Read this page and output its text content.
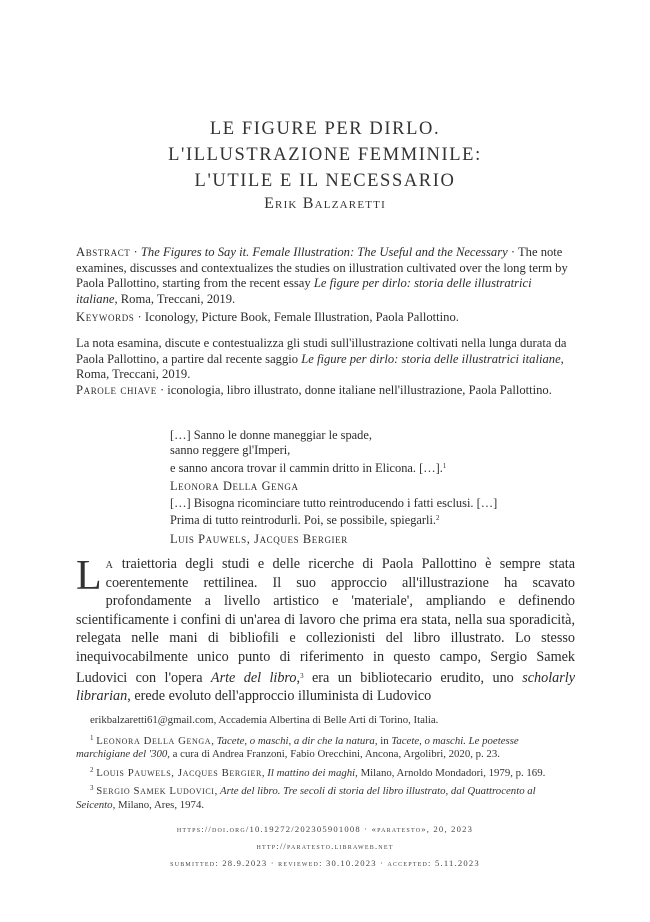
LE FIGURE PER DIRLO.
L'ILLUSTRAZIONE FEMMINILE:
L'UTILE E IL NECESSARIO
Erik Balzaretti
Abstract · The Figures to Say it. Female Illustration: The Useful and the Necessary · The note examines, discusses and contextualizes the studies on illustration cultivated over the long term by Paola Pallottino, starting from the recent essay Le figure per dirlo: storia delle illustratrici italiane, Roma, Treccani, 2019.
Keywords · Iconology, Picture Book, Female Illustration, Paola Pallottino.
La nota esamina, discute e contestualizza gli studi sull'illustrazione coltivati nella lunga durata da Paola Pallottino, a partire dal recente saggio Le figure per dirlo: storia delle illustratrici italiane, Roma, Treccani, 2019.
Parole chiave · iconologia, libro illustrato, donne italiane nell'illustrazione, Paola Pallottino.
[…] Sanno le donne maneggiar le spade,
sanno reggere gl'Imperi,
e sanno ancora trovar il cammin dritto in Elicona. […].$^1$
Leonora Della Genga
[…] Bisogna ricominciare tutto reintroducendo i fatti esclusi. […]
Prima di tutto reintrodurli. Poi, se possibile, spiegarli.$^2$
Luis Pauwels, Jacques Bergier
La traiettoria degli studi e delle ricerche di Paola Pallottino è sempre stata coerentemente rettilinea. Il suo approccio all'illustrazione ha scavato profondamente a livello artistico e 'materiale', ampliando e definendo scientificamente i confini di un'area di lavoro che prima era stata, nella sua sporadicità, relegata nelle mani di bibliofili e collezionisti del libro illustrato. Lo stesso inequivocabilmente unico punto di riferimento in questo campo, Sergio Samek Ludovici con l'opera Arte del libro,$^3$ era un bibliotecario erudito, uno scholarly librarian, erede evoluto dell'approccio illuminista di Ludovico
erikbalzaretti61@gmail.com, Accademia Albertina di Belle Arti di Torino, Italia.
$^1$ Leonora Della Genga, Tacete, o maschi, a dir che la natura, in Tacete, o maschi. Le poetesse marchigiane del '300, a cura di Andrea Franzoni, Fabio Orecchini, Ancona, Argolibri, 2020, p. 23.
$^2$ Louis Pauwels, Jacques Bergier, Il mattino dei maghi, Milano, Arnoldo Mondadori, 1979, p. 169.
$^3$ Sergio Samek Ludovici, Arte del libro. Tre secoli di storia del libro illustrato, dal Quattrocento al Seicento, Milano, Ares, 1974.
https://doi.org/10.19272/202305901008 · «paratesto», 20, 2023
http://paratesto.libraweb.net
submitted: 28.9.2023 · reviewed: 30.10.2023 · accepted: 5.11.2023
